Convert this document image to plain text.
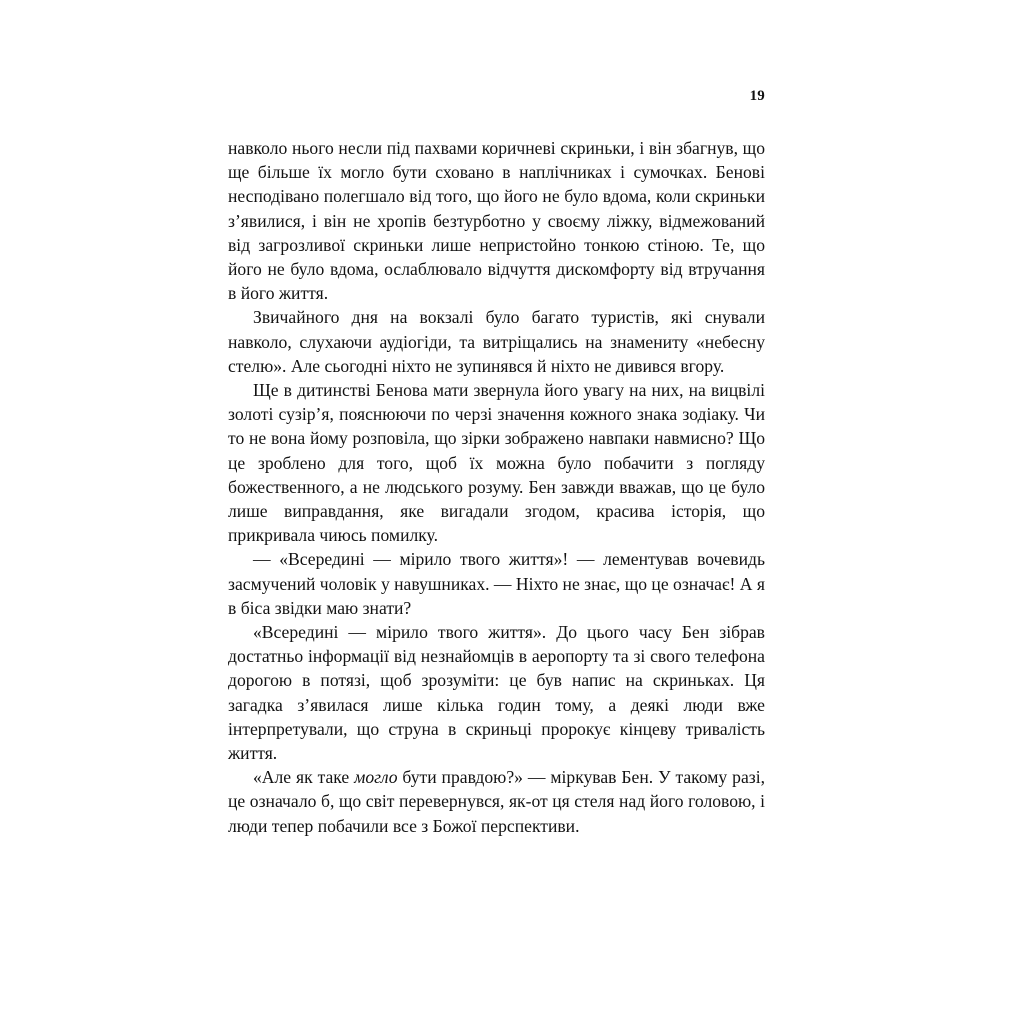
19

навколо нього несли під пахвами коричневі скриньки, і він збагнув, що ще більше їх могло бути сховано в наплічниках і сумочках. Бенові несподівано полегшало від того, що його не було вдома, коли скриньки з’явилися, і він не хропів безтурботно у своєму ліжку, відмежований від загрозливої скриньки лише непристойно тонкою стіною. Те, що його не було вдома, ослаблювало відчуття дискомфорту від втручання в його життя.

Звичайного дня на вокзалі було багато туристів, які снували навколо, слухаючи аудіогіди, та витріщались на знамениту «небесну стелю». Але сьогодні ніхто не зупинявся й ніхто не дивився вгору.

Ще в дитинстві Бенова мати звернула його увагу на них, на вицвілі золоті сузір’я, пояснюючи по черзі значення кожного знака зодіаку. Чи то не вона йому розповіла, що зірки зображено навпаки навмисно? Що це зроблено для того, щоб їх можна було побачити з погляду божественного, а не людського розуму. Бен завжди вважав, що це було лише виправдання, яке вигадали згодом, красива історія, що прикривала чиюсь помилку.

— «Всередині — мірило твого життя»! — лементував вочевидь засмучений чоловік у навушниках. — Ніхто не знає, що це означає! А я в біса звідки маю знати?

«Всередині — мірило твого життя». До цього часу Бен зібрав достатньо інформації від незнайомців в аеропорту та зі свого телефона дорогою в потязі, щоб зрозуміти: це був напис на скриньках. Ця загадка з’явилася лише кілька годин тому, а деякі люди вже інтерпретували, що струна в скриньці пророкує кінцеву тривалість життя.

«Але як таке могло бути правдою?» — міркував Бен. У такому разі, це означало б, що світ перевернувся, як-от ця стеля над його головою, і люди тепер побачили все з Божої перспективи.
